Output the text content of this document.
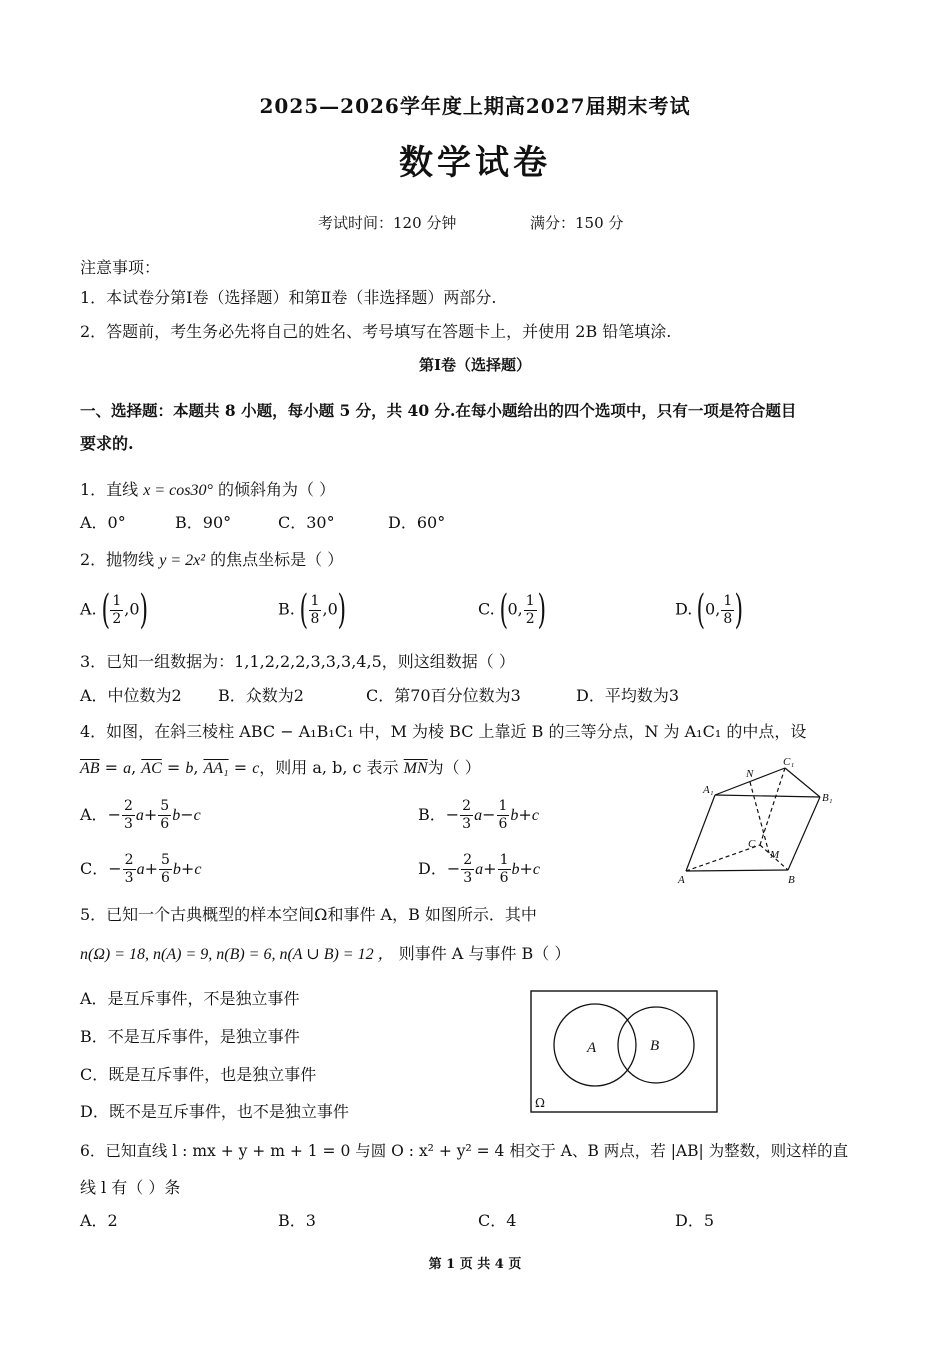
2025—2026学年度上期高2027届期末考试
数学试卷
考试时间：120 分钟	满分：150 分
注意事项：
1．本试卷分第Ⅰ卷（选择题）和第Ⅱ卷（非选择题）两部分.
2．答题前，考生务必先将自己的姓名、考号填写在答题卡上，并使用 2B 铅笔填涂.
第Ⅰ卷（选择题）
一、选择题：本题共 8 小题，每小题 5 分，共 40 分.在每小题给出的四个选项中，只有一项是符合题目
要求的.
1．直线 x = cos30° 的倾斜角为（ ）
A．0°	B．90°	C．30°	D．60°
2．抛物线 y = 2x² 的焦点坐标是（ ）
A. ( $\frac{1}{2} ,0$)	B. ( $\frac{1}{8} ,0$)	C. (0, $\frac{1}{2}$ )	D. (0, $\frac{1}{8}$ )
3．已知一组数据为：1,1,2,2,2,3,3,3,4,5，则这组数据（ ）
A．中位数为2 B．众数为2	C．第70百分位数为3	D．平均数为3
4．如图，在斜三棱柱 ABC − A₁B₁C₁ 中，M 为棱 BC 上靠近 B 的三等分点，N 为 A₁C₁ 的中点，设
$\overline{AB} = a$, $\overline{AC} = b$, AA₁ = c，则用 a, b, c 表示 $\overline{MN}$为（ ）
A．− $\frac{2}{3} a+ \frac{5}{6} b-c$	B．− $\frac{2}{3} a- \frac{1}{6} b+c$
C．− $\frac{2}{3} a+ \frac{5}{6} b+c$	D．− $\frac{2}{3} a+ \frac{1}{6} b+c$
A₁
N
C₁
B₁
C
M
A	B
5．已知一个古典概型的样本空间Ω和事件 A，B 如图所示．其中
n(Ω) = 18, n(A) = 9, n(B) = 6, n(A ∪ B) = 12 ， 则事件 A 与事件 B（ ）
A．是互斥事件，不是独立事件
B．不是互斥事件，是独立事件
C．既是互斥事件，也是独立事件
D．既不是互斥事件，也不是独立事件
A	B
Ω
6．已知直线 l : mx + y + m + 1 = 0 与圆 O : x² + y² = 4 相交于 A、B 两点，若 |AB| 为整数，则这样的直
线 l 有（ ）条
A．2	B．3	C．4	D．5
第 1 页 共 4 页
